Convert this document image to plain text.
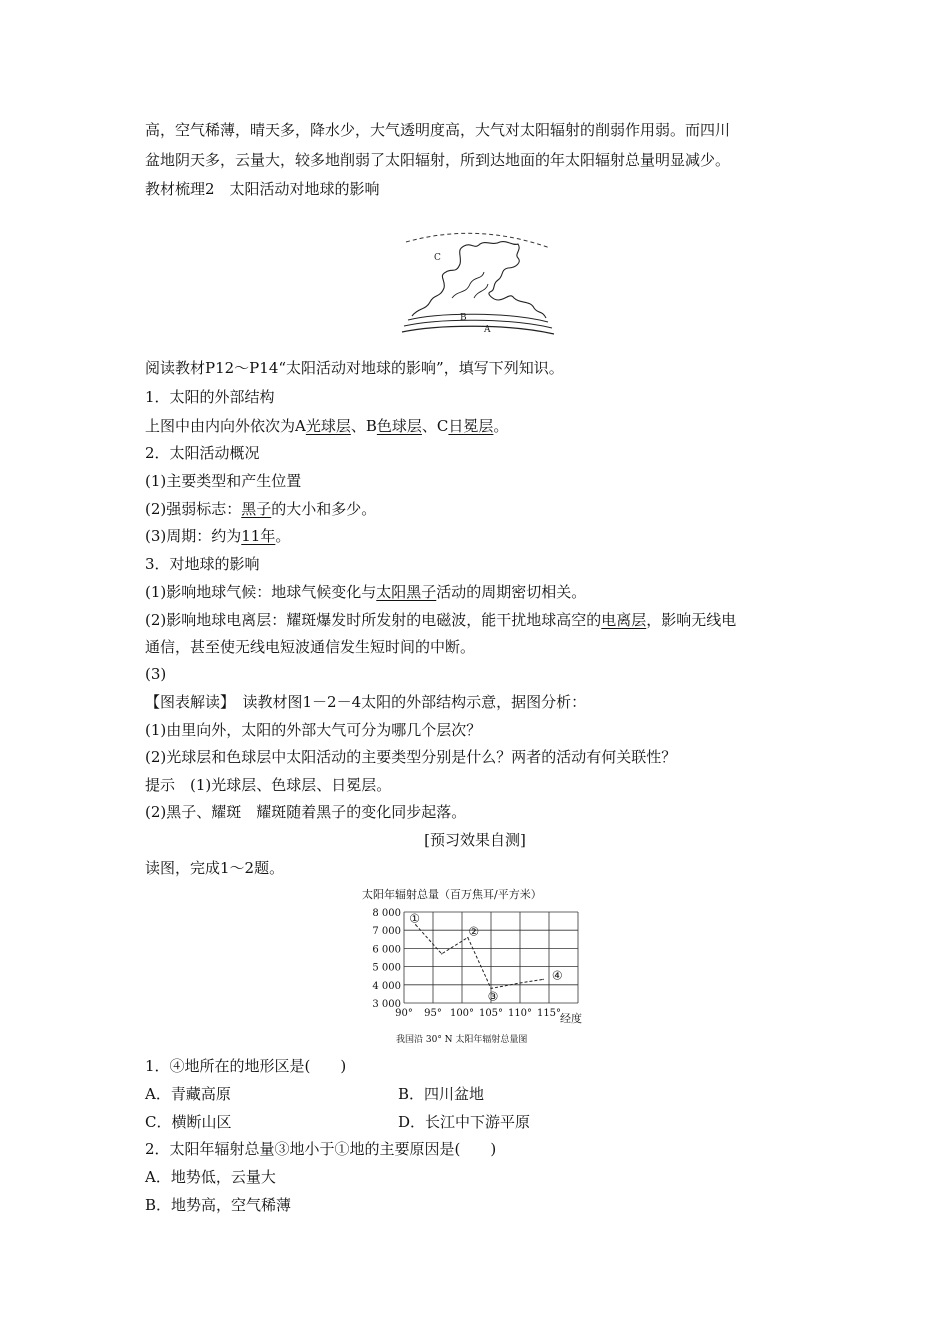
高，空气稀薄，晴天多，降水少，大气透明度高，大气对太阳辐射的削弱作用弱。而四川
盆地阴天多，云量大，较多地削弱了太阳辐射，所到达地面的年太阳辐射总量明显减少。
教材梳理2　太阳活动对地球的影响
C
B
A
阅读教材P12～P14“太阳活动对地球的影响”，填写下列知识。
1．太阳的外部结构
上图中由内向外依次为A光球层、B色球层、C日冕层。
2．太阳活动概况
(1)主要类型和产生位置
(2)强弱标志：黑子的大小和多少。
(3)周期：约为11年。
3．对地球的影响
(1)影响地球气候：地球气候变化与太阳黑子活动的周期密切相关。
(2)影响地球电离层：耀斑爆发时所发射的电磁波，能干扰地球高空的电离层，影响无线电
通信，甚至使无线电短波通信发生短时间的中断。
(3)
【图表解读】　读教材图1－2－4太阳的外部结构示意，据图分析：
(1)由里向外，太阳的外部大气可分为哪几个层次？
(2)光球层和色球层中太阳活动的主要类型分别是什么？两者的活动有何关联性？
提示　(1)光球层、色球层、日冕层。
(2)黑子、耀斑　耀斑随着黑子的变化同步起落。
[预习效果自测]
读图，完成1～2题。
太阳年辐射总量（百万焦耳/平方米）
8 000
7 000
6 000
5 000
4 000
3 000
90° 95° 100° 105° 110° 115°
①
②
③
④
经度
我国沿 30° N 太阳年辐射总量图
1．④地所在的地形区是(　　)
A．青藏高原	B．四川盆地
C．横断山区	D．长江中下游平原
2．太阳年辐射总量③地小于①地的主要原因是(　　)
A．地势低，云量大
B．地势高，空气稀薄
